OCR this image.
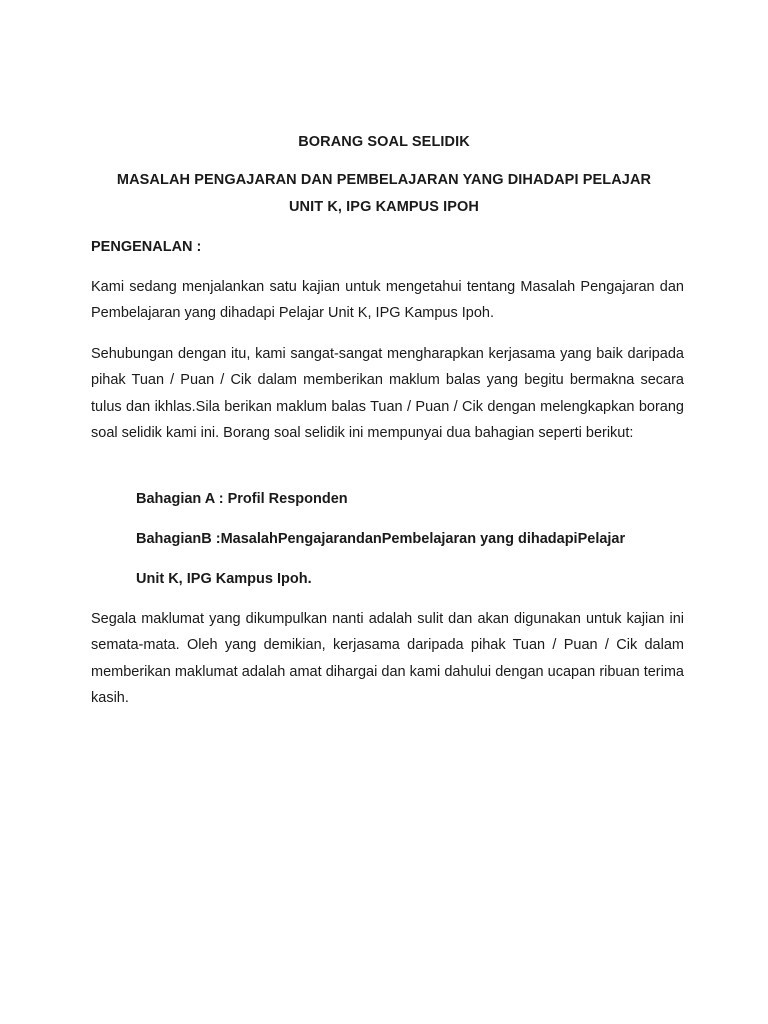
BORANG SOAL SELIDIK
MASALAH PENGAJARAN DAN PEMBELAJARAN YANG DIHADAPI PELAJAR
UNIT K, IPG KAMPUS IPOH
PENGENALAN :

Kami sedang menjalankan satu kajian untuk mengetahui tentang Masalah Pengajaran dan Pembelajaran yang dihadapi Pelajar Unit K, IPG Kampus Ipoh.

Sehubungan dengan itu, kami sangat-sangat mengharapkan kerjasama yang baik daripada pihak Tuan / Puan / Cik dalam memberikan maklum balas yang begitu bermakna secara tulus dan ikhlas.Sila berikan maklum balas Tuan / Puan / Cik dengan melengkapkan borang soal selidik kami ini. Borang soal selidik ini mempunyai dua bahagian seperti berikut:

Bahagian A : Profil Responden
BahagianB :MasalahPengajarandanPembelajaran yang dihadapiPelajar
Unit K, IPG Kampus Ipoh.

Segala maklumat yang dikumpulkan nanti adalah sulit dan akan digunakan untuk kajian ini semata-mata. Oleh yang demikian, kerjasama daripada pihak Tuan / Puan / Cik dalam memberikan maklumat adalah amat dihargai dan kami dahului dengan ucapan ribuan terima kasih.
